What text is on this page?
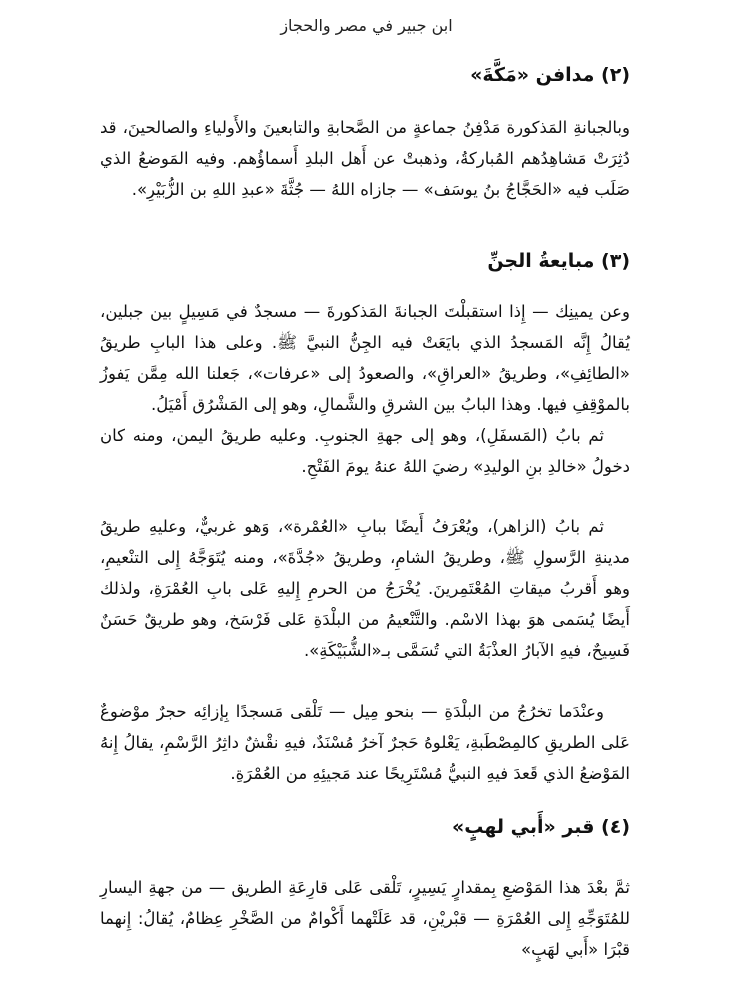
ابن جبير في مصر والحجاز
(٢) مدافن «مَكَّةَ»

وبالجبانةِ المَذكورة مَدْفِنُ جماعةٍ من الصَّحابةِ والتابعينَ والأَولياءِ والصالحينَ، قد دُثِرَتْ مَشاهِدُهم المُباركةُ، وذهبتْ عن أَهل البلدِ أَسماؤُهم. وفيه المَوضعُ الذي صَلَب فيه «الحَجَّاجُ بنُ يوسَف» — جازاه اللهُ — جُثَّةَ «عبدِ اللهِ بن الزُّبَيْرِ».

(٣) مبايعةُ الجنِّ

وعن يمينِك — إِذا استقبلْتَ الجبانةَ المَذكورةَ — مسجدٌ في مَسِيلٍ بين جبلين، يُقالُ إِنَّه المَسجدُ الذي بايَعَتْ فيه الجِنُّ النبيَّ ﷺ. وعلى هذا البابِ طريقُ «الطائِفِ»، وطريقُ «العراقِ»، والصعودُ إلى «عرفات»، جَعلنا الله مِمَّن يَفوزُ بالموْقِفِ فيها. وهذا البابُ بين الشرقِ والشَّمالِ، وهو إلى المَشْرُق أَمْيَلُ.

ثم بابُ (المَسفَلِ)، وهو إلى جهةِ الجنوبِ. وعليه طريقُ اليمن، ومنه كان دخولُ «خالدِ بنِ الوليدِ» رضيَ اللهُ عنهُ يومَ الفَتْحِ.

ثم بابُ (الزاهر)، ويُعْرَفُ أَيضًا ببابِ «العُمْرة»، وَهو غربيٌّ، وعليهِ طريقُ مدينةِ الرَّسولِ ﷺ، وطريقُ الشامِ، وطريقُ «جُدَّةَ»، ومنه يُتَوَجَّهُ إِلى التنْعيمِ، وهو أَقربُ ميقاتِ المُعْتَمِرينَ. يُخْرَجُ من الحرمِ إِليهِ عَلى بابِ العُمْرَةِ، ولذلك أَيضًا يُسَمى هوَ بهذا الاسْم. والتَّنْعيمُ من البلْدَةِ عَلى فَرْسَخ، وهو طريقٌ حَسَنٌ فَسِيحٌ، فيهِ الآبارُ العذْبَةُ التي تُسَمَّى بـ«الشُّبَيْكَةِ».

وعنْدَما تخرُجُ من البلْدَةِ — بنحو مِيل — تَلْقى مَسجدًا بِإزائِه حجرٌ موْضوعٌ عَلى الطريقِ كالمِصْطَبةِ، يَعْلوهُ حَجرٌ آخرُ مُسْنَدٌ، فيهِ نقْشٌ داثِرُ الرَّسْمِ، يقالُ إِنهُ المَوْضعُ الذي قَعدَ فيهِ النبيُّ مُسْتَرِيحًا عند مَجيئِهِ من العُمْرَةِ.

(٤) قبر «أَبي لهبٍ»

ثمَّ بعْدَ هذا المَوْضعِ بِمقدارٍ يَسِيرٍ، تَلْقى عَلى قارِعَةِ الطريق — من جهةِ اليسارِ للمُتَوَجِّهِ إِلى العُمْرَةِ — قبْريْنِ، قد عَلَتْهما أَكْوامٌ من الصَّخْرِ عِظامٌ، يُقالُ: إِنهما قبْرَا «أَبي لهَبٍ»
